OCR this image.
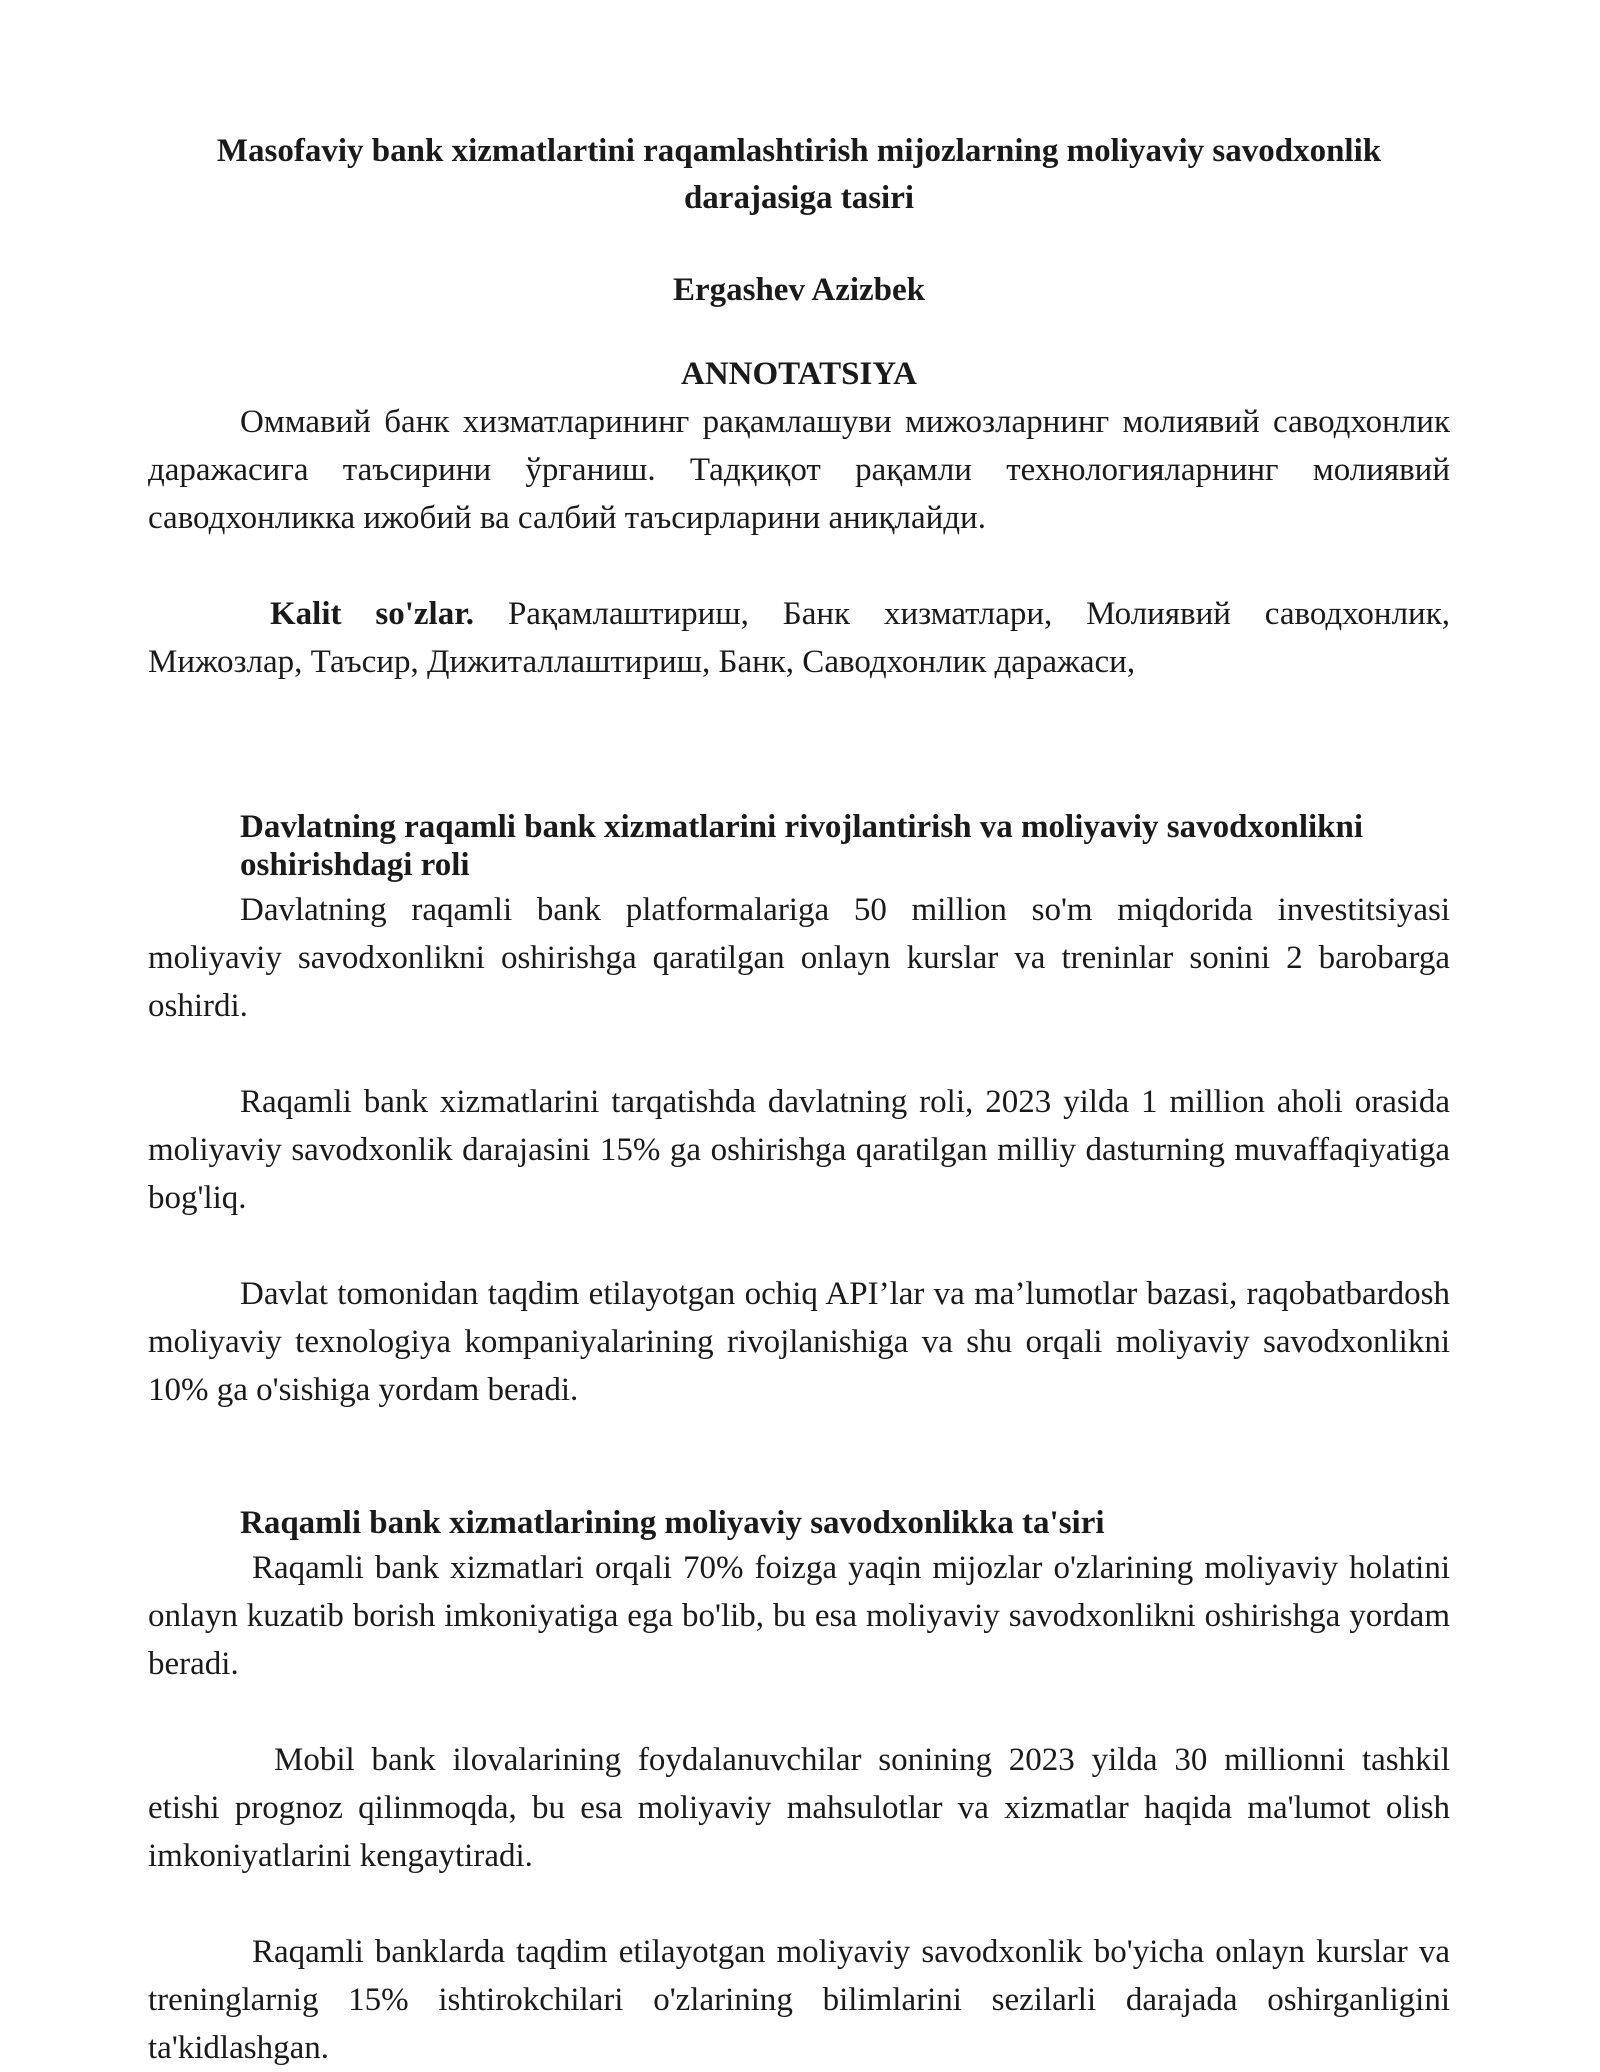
Masofaviy bank xizmatlartini raqamlashtirish mijozlarning moliyaviy savodxonlik darajasiga tasiri
Ergashev Azizbek
ANNOTATSIYA

Оммавий банк хизматларининг рақамлашуви мижозларнинг молиявий саводхонлик даражасига таъсирини ўрганиш. Тадқиқот рақамли технологияларнинг молиявий саводхонликка ижобий ва салбий таъсирларини аниқлайди.

Kalit so'zlar. Рақамлаштириш, Банк хизматлари, Молиявий саводхонлик, Мижозлар, Таъсир, Дижиталлаштириш, Банк, Саводхонлик даражаси,

Davlatning raqamli bank xizmatlarini rivojlantirish va moliyaviy savodxonlikni oshirishdagi roli

Davlatning raqamli bank platformalariga 50 million so'm miqdorida investitsiyasi moliyaviy savodxonlikni oshirishga qaratilgan onlayn kurslar va treninlar sonini 2 barobarga oshirdi.

Raqamli bank xizmatlarini tarqatishda davlatning roli, 2023 yilda 1 million aholi orasida moliyaviy savodxonlik darajasini 15% ga oshirishga qaratilgan milliy dasturning muvaffaqiyatiga bog'liq.

Davlat tomonidan taqdim etilayotgan ochiq API’lar va ma’lumotlar bazasi, raqobatbardosh moliyaviy texnologiya kompaniyalarining rivojlanishiga va shu orqali moliyaviy savodxonlikni 10% ga o'sishiga yordam beradi.

Raqamli bank xizmatlarining moliyaviy savodxonlikka ta'siri

Raqamli bank xizmatlari orqali 70% foizga yaqin mijozlar o'zlarining moliyaviy holatini onlayn kuzatib borish imkoniyatiga ega bo'lib, bu esa moliyaviy savodxonlikni oshirishga yordam beradi.

Mobil bank ilovalarining foydalanuvchilar sonining 2023 yilda 30 millionni tashkil etishi prognoz qilinmoqda, bu esa moliyaviy mahsulotlar va xizmatlar haqida ma'lumot olish imkoniyatlarini kengaytiradi.

Raqamli banklarda taqdim etilayotgan moliyaviy savodxonlik bo'yicha onlayn kurslar va treninglarnig 15% ishtirokchilari o'zlarining bilimlarini sezilarli darajada oshirganligini ta'kidlashgan.
